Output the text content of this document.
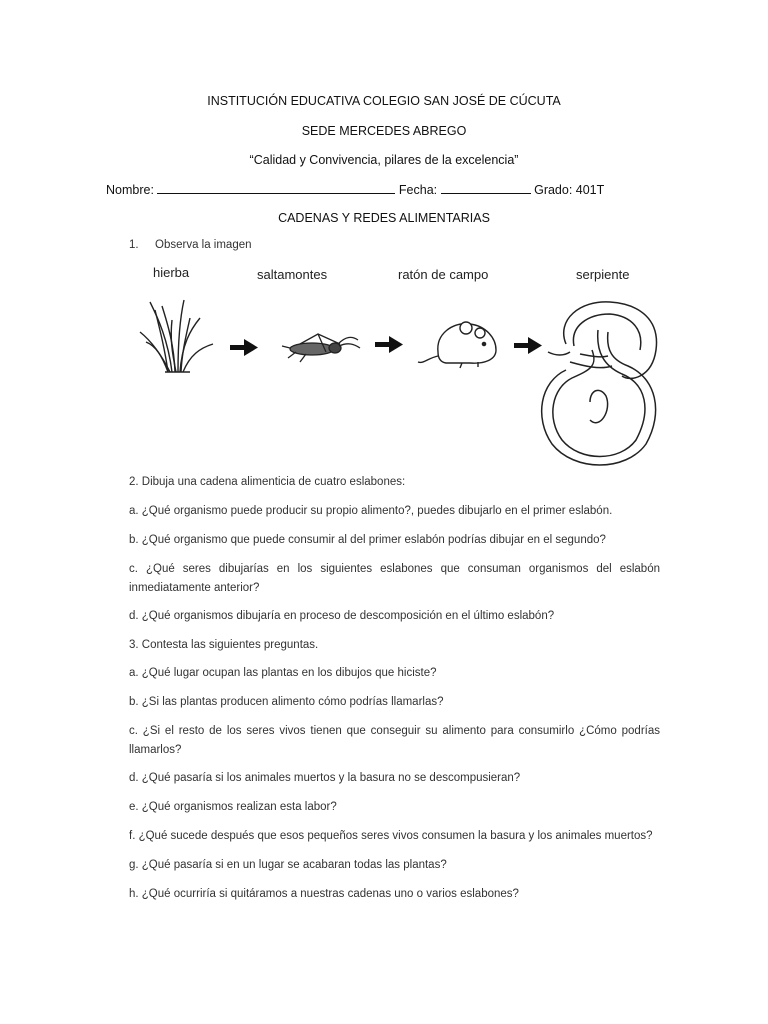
INSTITUCIÓN EDUCATIVA COLEGIO SAN JOSÉ DE CÚCUTA
SEDE MERCEDES ABREGO
“Calidad y Convivencia, pilares de la excelencia”
Nombre:	Fecha:	Grado: 401T
CADENAS Y REDES ALIMENTARIAS
1. Observa la imagen
hierba	saltamontes	ratón de campo	serpiente
2. Dibuja una cadena alimenticia de cuatro eslabones:
a. ¿Qué organismo puede producir su propio alimento?, puedes dibujarlo en el primer eslabón.
b. ¿Qué organismo que puede consumir al del primer eslabón podrías dibujar en el segundo?
c. ¿Qué seres dibujarías en los siguientes eslabones que consuman organismos del eslabón inmediatamente anterior?
d. ¿Qué organismos dibujaría en proceso de descomposición en el último eslabón?
3. Contesta las siguientes preguntas.
a. ¿Qué lugar ocupan las plantas en los dibujos que hiciste?
b. ¿Si las plantas producen alimento cómo podrías llamarlas?
c. ¿Si el resto de los seres vivos tienen que conseguir su alimento para consumirlo ¿Cómo podrías llamarlos?
d. ¿Qué pasaría si los animales muertos y la basura no se descompusieran?
e. ¿Qué organismos realizan esta labor?
f. ¿Qué sucede después que esos pequeños seres vivos consumen la basura y los animales muertos?
g. ¿Qué pasaría si en un lugar se acabaran todas las plantas?
h. ¿Qué ocurriría si quitáramos a nuestras cadenas uno o varios eslabones?
